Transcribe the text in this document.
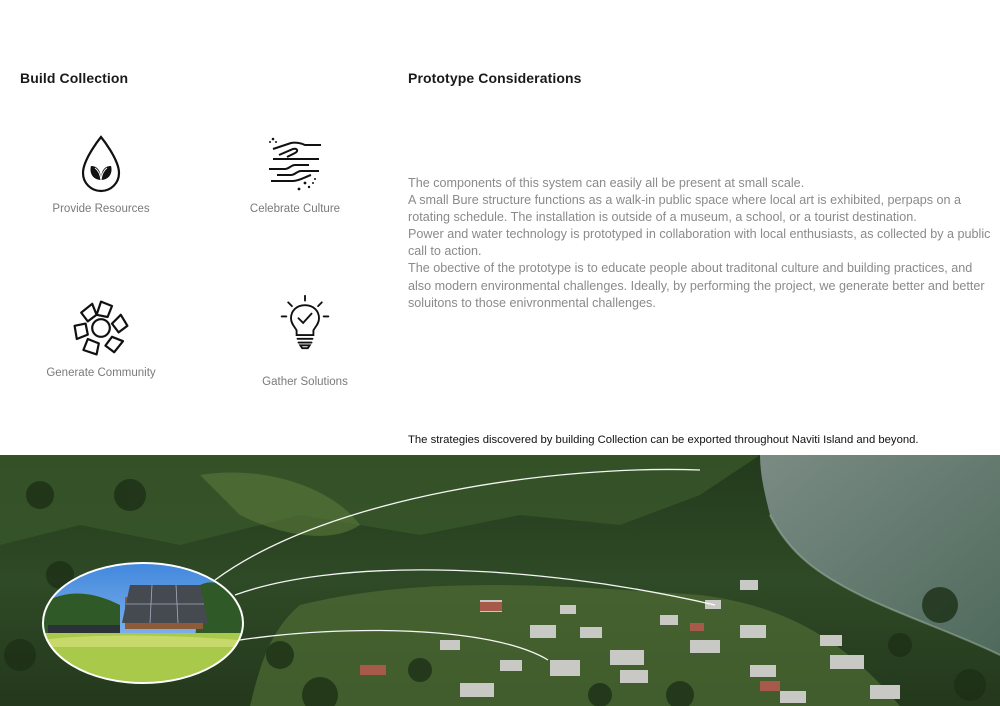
Build Collection	Prototype Considerations
Provide Resources	Celebrate Culture
Generate Community
Gather Solutions

The components of this system can easily all be present at small scale.

A small Bure structure functions as a walk-in public space where local art is exhibited, perpaps on a rotating schedule. The installation is outside of a museum, a school, or a tourist destination.

Power and water technology is prototyped in collaboration with local enthusiasts, as collected by a public call to action.

The obective of the prototype is to educate people about traditonal culture and building practices, and also modern environmental challenges. Ideally, by performing the project, we generate better and better soluitons to those enivronmental challenges.

The strategies discovered by building Collection can be exported throughout Naviti Island and beyond.
